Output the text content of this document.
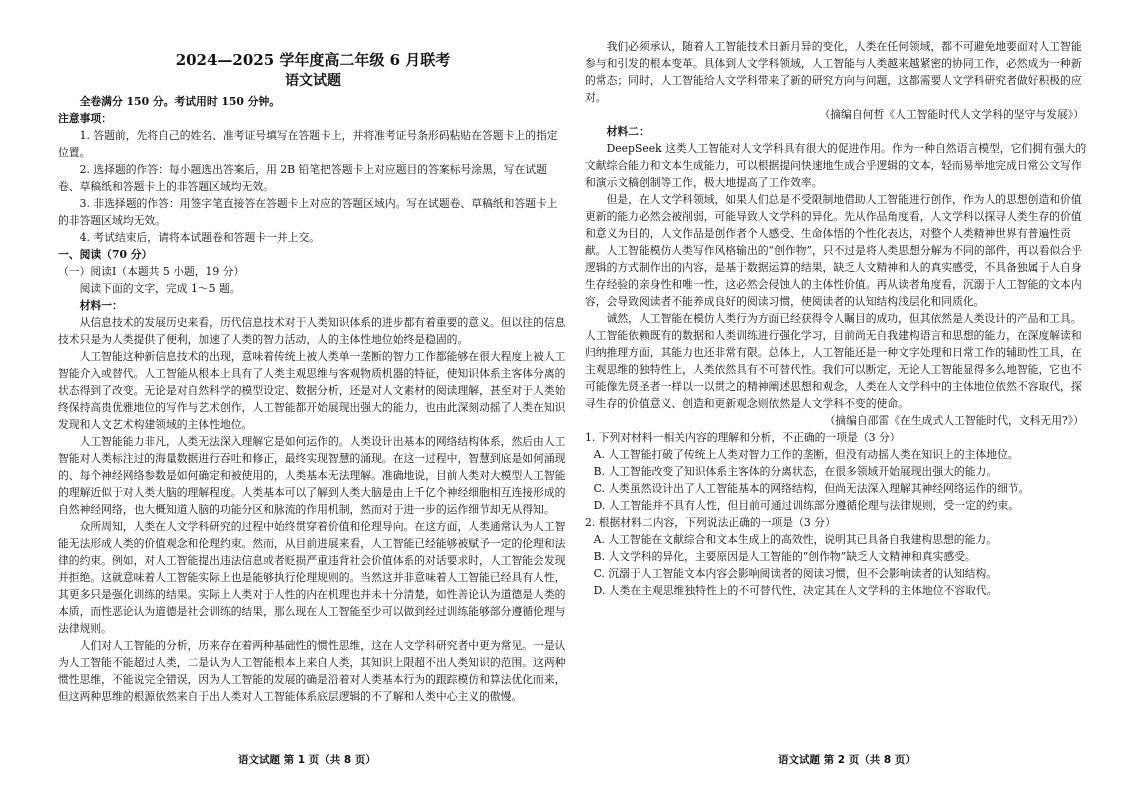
2024—2025 学年度高二年级 6 月联考

语文试题

全卷满分 150 分。考试用时 150 分钟。

注意事项：

1. 答题前，先将自己的姓名、准考证号填写在答题卡上，并将准考证号条形码粘贴在答题卡上的指定位置。

2. 选择题的作答：每小题选出答案后，用 2B 铅笔把答题卡上对应题目的答案标号涂黑，写在试题卷、草稿纸和答题卡上的非答题区域均无效。

3. 非选择题的作答：用签字笔直接答在答题卡上对应的答题区域内。写在试题卷、草稿纸和答题卡上的非答题区域均无效。

4. 考试结束后，请将本试题卷和答题卡一并上交。

一、阅读（70 分）

（一）阅读Ⅰ（本题共 5 小题，19 分）

阅读下面的文字，完成 1～5 题。

材料一：

从信息技术的发展历史来看，历代信息技术对于人类知识体系的进步都有着重要的意义。但以往的信息技术只是为人类提供了便利，加速了人类的智力活动，人的主体性地位始终是稳固的。

人工智能这种新信息技术的出现，意味着传统上被人类单一垄断的智力工作都能够在很大程度上被人工智能介入或替代。人工智能从根本上具有了人类主观思维与客观物质机器的特征，使知识体系主客体分离的状态得到了改变。无论是对自然科学的模型设定、数据分析，还是对人文素材的阅读理解，甚至对于人类始终保持高贵优雅地位的写作与艺术创作，人工智能都开始展现出强大的能力，也由此深刻动摇了人类在知识发现和人文艺术构建领域的主体性地位。

人工智能能力非凡，人类无法深入理解它是如何运作的。人类设计出基本的网络结构体系，然后由人工智能对人类标注过的海量数据进行吞吐和修正，最终实现智慧的涌现。在这一过程中，智慧到底是如何涌现的、每个神经网络参数是如何确定和被使用的，人类基本无法理解。准确地说，目前人类对大模型人工智能的理解近似于对人类大脑的理解程度。人类基本可以了解到人类大脑是由上千亿个神经细胞相互连接形成的自然神经网络，也大概知道人脑的功能分区和脉流的作用机制，然而对于进一步的运作细节却无从得知。

众所周知，人类在人文学科研究的过程中始终贯穿着价值和伦理导向。在这方面，人类通常认为人工智能无法形成人类的价值观念和伦理约束。然而，从目前进展来看，人工智能已经能够被赋予一定的伦理和法律的约束。例如，对人工智能提出违法信息或者贬损严重违背社会价值体系的对话要求时，人工智能会发现并拒绝。这就意味着人工智能实际上也是能够执行伦理规则的。当然这并非意味着人工智能已经具有人性，其更多只是强化训练的结果。实际上人类对于人性的内在机理也并未十分清楚，如性善论认为道德是人类的本质，而性恶论认为道德是社会训练的结果，那么现在人工智能至少可以做到经过训练能够部分遵循伦理与法律规则。

人们对人工智能的分析，历来存在着两种基础性的惯性思维，这在人文学科研究者中更为常见。一是认为人工智能不能超过人类，二是认为人工智能根本上来自人类，其知识上限超不出人类知识的范围。这两种惯性思维，不能说完全错误，因为人工智能的发展的确是沿着对人类基本行为的跟踪模仿和算法优化而来，但这两种思维的根源依然来自于出人类对人工智能体系底层逻辑的不了解和人类中心主义的傲慢。

我们必须承认，随着人工智能技术日新月异的变化，人类在任何领域，都不可避免地要面对人工智能参与和引发的根本变革。具体到人文学科领域，人工智能与人类越来越紧密的协同工作，必然成为一种新的常态；同时，人工智能给人文学科带来了新的研究方向与问题，这都需要人文学科研究者做好积极的应对。

（摘编自何哲《人工智能时代人文学科的坚守与发展》）

材料二：

DeepSeek 这类人工智能对人文学科具有很大的促进作用。作为一种自然语言模型，它们拥有强大的文献综合能力和文本生成能力，可以根据提问快速地生成合乎逻辑的文本，轻而易举地完成日常公文写作和演示文稿创制等工作，极大地提高了工作效率。

但是，在人文学科领域，如果人们总是不受限制地借助人工智能进行创作，作为人的思想创造和价值更新的能力必然会被削弱，可能导致人文学科的异化。先从作品角度看，人文学科以探寻人类生存的价值和意义为目的，人文作品是创作者个人感受、生命体悟的个性化表达，对整个人类精神世界有普遍性贡献。人工智能模仿人类写作风格输出的“创作物”，只不过是将人类思想分解为不同的部件，再以看似合乎逻辑的方式制作出的内容，是基于数据运算的结果，缺乏人文精神和人的真实感受，不具备独属于人自身生存经验的亲身性和唯一性，这必然会侵蚀人的主体性价值。再从读者角度看，沉溺于人工智能的文本内容，会导致阅读者不能养成良好的阅读习惯，使阅读者的认知结构浅层化和同质化。

诚然，人工智能在模仿人类行为方面已经获得令人瞩目的成功，但其依然是人类设计的产品和工具。人工智能依赖既有的数据和人类训练进行强化学习，目前尚无自我建构语言和思想的能力，在深度解读和归纳推理方面，其能力也还非常有限。总体上，人工智能还是一种文字处理和日常工作的辅助性工具，在主观思维的独特性上，人类依然具有不可替代性。我们可以断定，无论人工智能显得多么地智能，它也不可能像先贤圣者一样以一以贯之的精神阐述思想和观念，人类在人文学科中的主体地位依然不容取代，探寻生存的价值意义、创造和更新观念则依然是人文学科不变的使命。

（摘编自邵雷《在生成式人工智能时代，文科无用?》）

1. 下列对材料一相关内容的理解和分析，不正确的一项是（3 分）

A. 人工智能打破了传统上人类对智力工作的垄断，但没有动摇人类在知识上的主体地位。

B. 人工智能改变了知识体系主客体的分离状态，在很多领域开始展现出强大的能力。

C. 人类虽然设计出了人工智能基本的网络结构，但尚无法深入理解其神经网络运作的细节。

D. 人工智能并不具有人性，但目前可通过训练部分遵循伦理与法律规则，受一定的约束。

2. 根据材料二内容，下列说法正确的一项是（3 分）

A. 人工智能在文献综合和文本生成上的高效性，说明其已具备自我建构思想的能力。

B. 人文学科的异化，主要原因是人工智能的“创作物”缺乏人文精神和真实感受。

C. 沉溺于人工智能文本内容会影响阅读者的阅读习惯，但不会影响读者的认知结构。

D. 人类在主观思维独特性上的不可替代性，决定其在人文学科的主体地位不容取代。

语文试题 第 1 页（共 8 页）	语文试题 第 2 页（共 8 页）
